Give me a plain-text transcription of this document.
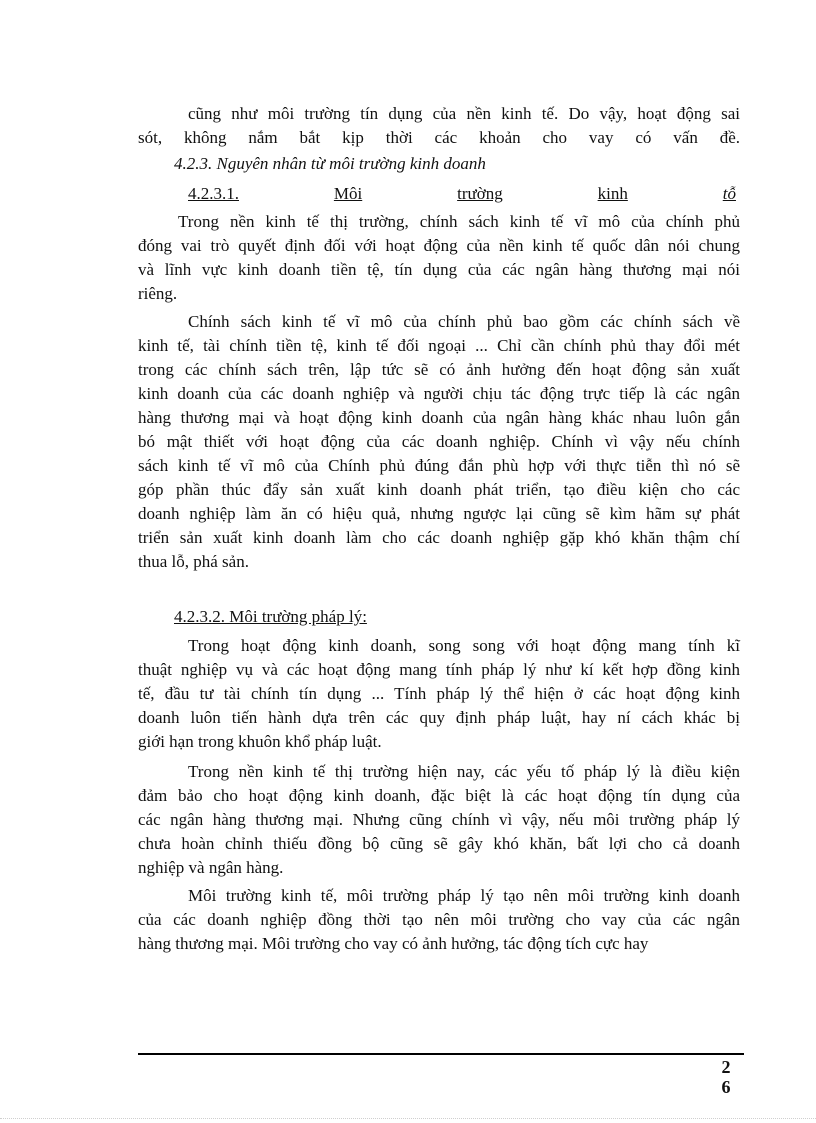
cũng như môi trường tín dụng của nền kinh tế. Do vậy, hoạt động sai
sót, không nắm bắt kịp thời các khoản cho vay có vấn đề.
4.2.3. Nguyên nhân từ môi trường kinh doanh
4.2.3.1.	Môi	trường	kinh	tỗ
Trong nền kinh tế thị trường, chính sách kinh tế vĩ mô của chính phủ
đóng vai trò quyết định đối với hoạt động của nền kinh tế quốc dân nói chung
và lĩnh vực kinh doanh tiền tệ, tín dụng của các ngân hàng thương mại nói
riêng.
Chính sách kinh tế vĩ mô của chính phủ bao gồm các chính sách về
kinh tế, tài chính tiền tệ, kinh tế đối ngoại ... Chỉ cần chính phủ thay đổi mét
trong các chính sách trên, lập tức sẽ có ảnh hưởng đến hoạt động sản xuất
kinh doanh của các doanh nghiệp và người chịu tác động trực tiếp là các ngân
hàng thương mại và hoạt động kinh doanh của ngân hàng khác nhau luôn gắn
bó mật thiết với hoạt động của các doanh nghiệp. Chính vì vậy nếu chính
sách kinh tế vĩ mô của Chính phủ đúng đắn phù hợp với thực tiễn thì nó sẽ
góp phần thúc đẩy sản xuất kinh doanh phát triển, tạo điều kiện cho các
doanh nghiệp làm ăn có hiệu quả, nhưng ngược lại cũng sẽ kìm hãm sự phát
triển sản xuất kinh doanh làm cho các doanh nghiệp gặp khó khăn thậm chí
thua lỗ, phá sản.
4.2.3.2. Môi trường pháp lý:
Trong hoạt động kinh doanh, song song với hoạt động mang tính kĩ
thuật nghiệp vụ và các hoạt động mang tính pháp lý như kí kết hợp đồng kinh
tế, đầu tư tài chính tín dụng ... Tính pháp lý thể hiện ở các hoạt động kinh
doanh luôn tiến hành dựa trên các quy định pháp luật, hay ní cách khác bị
giới hạn trong khuôn khổ pháp luật.
Trong nền kinh tế thị trường hiện nay, các yếu tố pháp lý là điều kiện
đảm bảo cho hoạt động kinh doanh, đặc biệt là các hoạt động tín dụng của
các ngân hàng thương mại. Nhưng cũng chính vì vậy, nếu môi trường pháp lý
chưa hoàn chỉnh thiếu đồng bộ cũng sẽ gây khó khăn, bất lợi cho cả doanh
nghiệp và ngân hàng.
Môi trường kinh tế, môi trường pháp lý tạo nên môi trường kinh doanh
của các doanh nghiệp đồng thời tạo nên môi trường cho vay của các ngân
hàng thương mại. Môi trường cho vay có ảnh hưởng, tác động tích cực hay
2
6
